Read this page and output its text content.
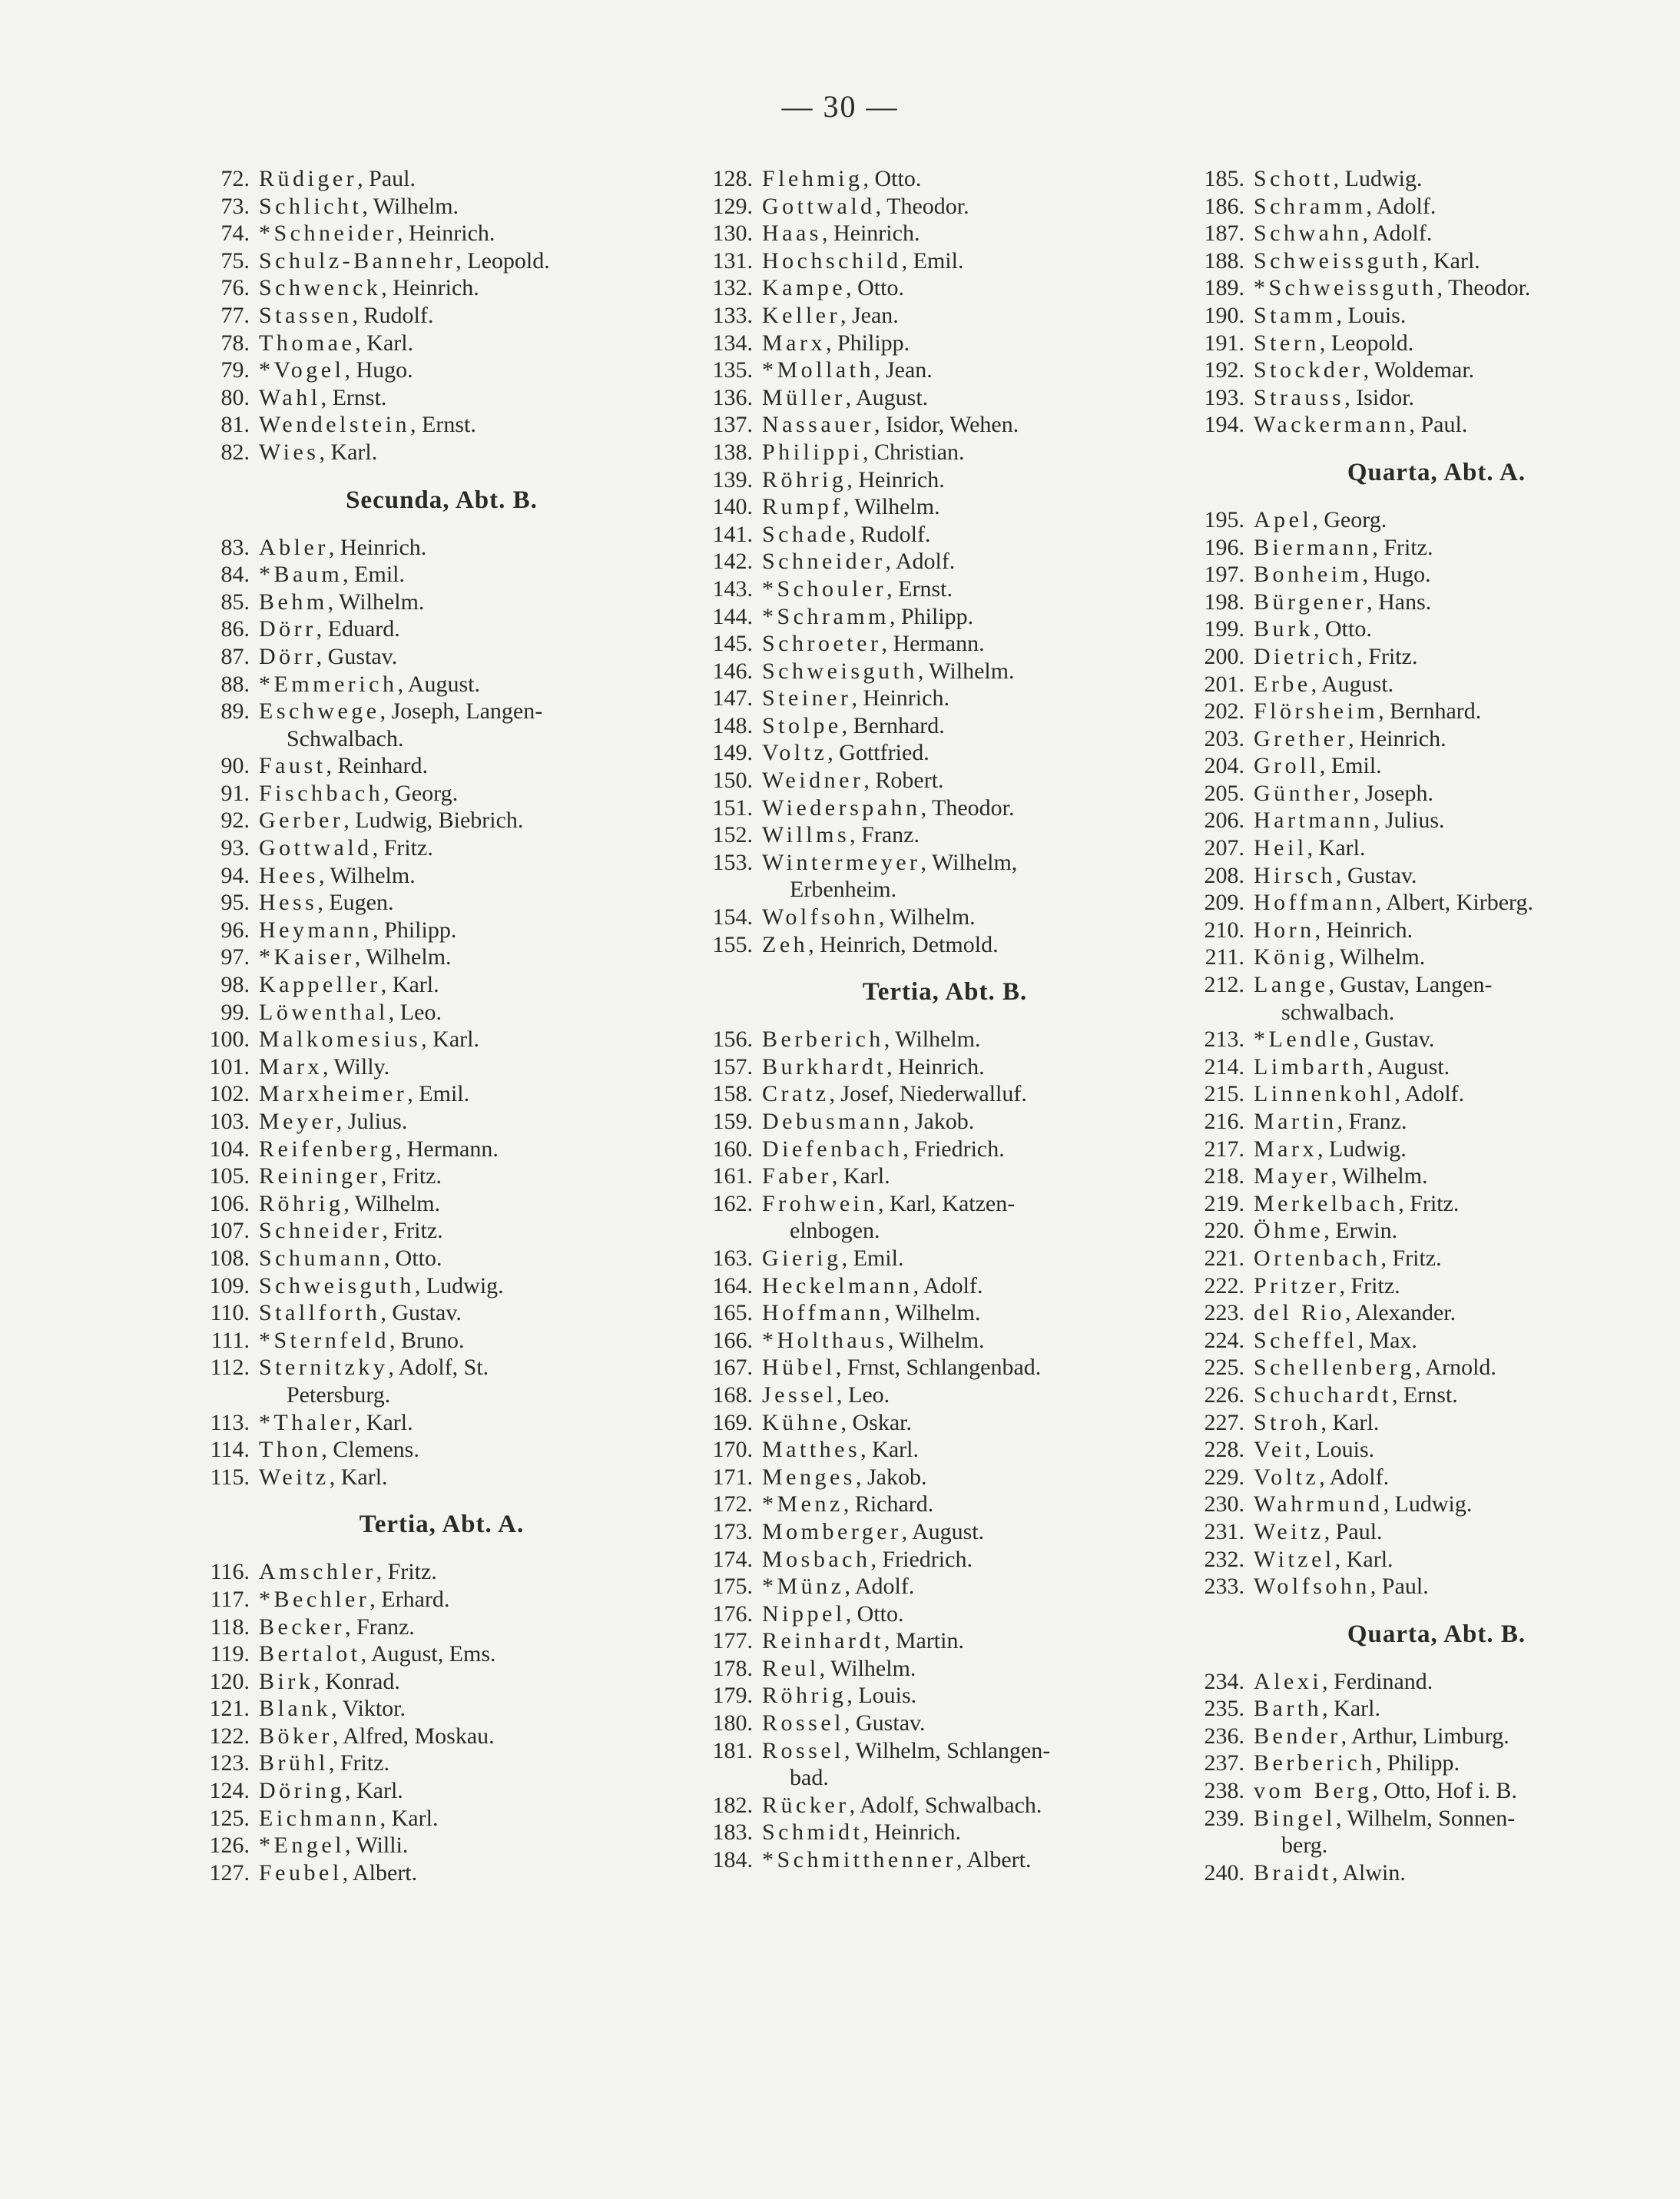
— 30 —
72. Rüdiger, Paul.
73. Schlicht, Wilhelm.
74. *Schneider, Heinrich.
75. Schulz-Bannehr, Leopold.
76. Schwenck, Heinrich.
77. Stassen, Rudolf.
78. Thomae, Karl.
79. *Vogel, Hugo.
80. Wahl, Ernst.
81. Wendelstein, Ernst.
82. Wies, Karl.
Secunda, Abt. B.
83. Abler, Heinrich.
84. *Baum, Emil.
85. Behm, Wilhelm.
86. Dörr, Eduard.
87. Dörr, Gustav.
88. *Emmerich, August.
89. Eschwege, Joseph, Langen-
Schwalbach.
90. Faust, Reinhard.
91. Fischbach, Georg.
92. Gerber, Ludwig, Biebrich.
93. Gottwald, Fritz.
94. Hees, Wilhelm.
95. Hess, Eugen.
96. Heymann, Philipp.
97. *Kaiser, Wilhelm.
98. Kappeller, Karl.
99. Löwenthal, Leo.
100. Malkomesius, Karl.
101. Marx, Willy.
102. Marxheimer, Emil.
103. Meyer, Julius.
104. Reifenberg, Hermann.
105. Reininger, Fritz.
106. Röhrig, Wilhelm.
107. Schneider, Fritz.
108. Schumann, Otto.
109. Schweisguth, Ludwig.
110. Stallforth, Gustav.
111. *Sternfeld, Bruno.
112. Sternitzky, Adolf, St.
Petersburg.
113. *Thaler, Karl.
114. Thon, Clemens.
115. Weitz, Karl.
Tertia, Abt. A.
116. Amschler, Fritz.
117. *Bechler, Erhard.
118. Becker, Franz.
119. Bertalot, August, Ems.
120. Birk, Konrad.
121. Blank, Viktor.
122. Böker, Alfred, Moskau.
123. Brühl, Fritz.
124. Döring, Karl.
125. Eichmann, Karl.
126. *Engel, Willi.
127. Feubel, Albert.
128. Flehmig, Otto.
129. Gottwald, Theodor.
130. Haas, Heinrich.
131. Hochschild, Emil.
132. Kampe, Otto.
133. Keller, Jean.
134. Marx, Philipp.
135. *Mollath, Jean.
136. Müller, August.
137. Nassauer, Isidor, Wehen.
138. Philippi, Christian.
139. Röhrig, Heinrich.
140. Rumpf, Wilhelm.
141. Schade, Rudolf.
142. Schneider, Adolf.
143. *Schouler, Ernst.
144. *Schramm, Philipp.
145. Schroeter, Hermann.
146. Schweisguth, Wilhelm.
147. Steiner, Heinrich.
148. Stolpe, Bernhard.
149. Voltz, Gottfried.
150. Weidner, Robert.
151. Wiederspahn, Theodor.
152. Willms, Franz.
153. Wintermeyer, Wilhelm,
Erbenheim.
154. Wolfsohn, Wilhelm.
155. Zeh, Heinrich, Detmold.
Tertia, Abt. B.
156. Berberich, Wilhelm.
157. Burkhardt, Heinrich.
158. Cratz, Josef, Niederwalluf.
159. Debusmann, Jakob.
160. Diefenbach, Friedrich.
161. Faber, Karl.
162. Frohwein, Karl, Katzen-
elnbogen.
163. Gierig, Emil.
164. Heckelmann, Adolf.
165. Hoffmann, Wilhelm.
166. *Holthaus, Wilhelm.
167. Hübel, Frnst, Schlangenbad.
168. Jessel, Leo.
169. Kühne, Oskar.
170. Matthes, Karl.
171. Menges, Jakob.
172. *Menz, Richard.
173. Momberger, August.
174. Mosbach, Friedrich.
175. *Münz, Adolf.
176. Nippel, Otto.
177. Reinhardt, Martin.
178. Reul, Wilhelm.
179. Röhrig, Louis.
180. Rossel, Gustav.
181. Rossel, Wilhelm, Schlangen-
bad.
182. Rücker, Adolf, Schwalbach.
183. Schmidt, Heinrich.
184. *Schmitthenner, Albert.
185. Schott, Ludwig.
186. Schramm, Adolf.
187. Schwahn, Adolf.
188. Schweissguth, Karl.
189. *Schweissguth, Theodor.
190. Stamm, Louis.
191. Stern, Leopold.
192. Stockder, Woldemar.
193. Strauss, Isidor.
194. Wackermann, Paul.
Quarta, Abt. A.
195. Apel, Georg.
196. Biermann, Fritz.
197. Bonheim, Hugo.
198. Bürgener, Hans.
199. Burk, Otto.
200. Dietrich, Fritz.
201. Erbe, August.
202. Flörsheim, Bernhard.
203. Grether, Heinrich.
204. Groll, Emil.
205. Günther, Joseph.
206. Hartmann, Julius.
207. Heil, Karl.
208. Hirsch, Gustav.
209. Hoffmann, Albert, Kirberg.
210. Horn, Heinrich.
211. König, Wilhelm.
212. Lange, Gustav, Langen-
schwalbach.
213. *Lendle, Gustav.
214. Limbarth, August.
215. Linnenkohl, Adolf.
216. Martin, Franz.
217. Marx, Ludwig.
218. Mayer, Wilhelm.
219. Merkelbach, Fritz.
220. Öhme, Erwin.
221. Ortenbach, Fritz.
222. Pritzer, Fritz.
223. del Rio, Alexander.
224. Scheffel, Max.
225. Schellenberg, Arnold.
226. Schuchardt, Ernst.
227. Stroh, Karl.
228. Veit, Louis.
229. Voltz, Adolf.
230. Wahrmund, Ludwig.
231. Weitz, Paul.
232. Witzel, Karl.
233. Wolfsohn, Paul.
Quarta, Abt. B.
234. Alexi, Ferdinand.
235. Barth, Karl.
236. Bender, Arthur, Limburg.
237. Berberich, Philipp.
238. vom Berg, Otto, Hof i. B.
239. Bingel, Wilhelm, Sonnen-
berg.
240. Braidt, Alwin.
